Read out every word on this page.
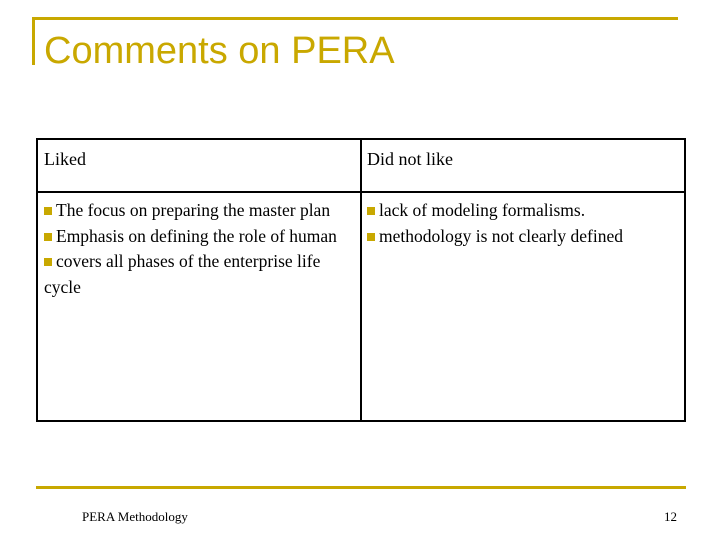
Comments on PERA
Liked	Did not like
The focus on preparing the master plan
Emphasis on defining the role of human
covers all phases of the enterprise life cycle
lack of modeling formalisms.
methodology is not clearly defined
PERA Methodology	12
